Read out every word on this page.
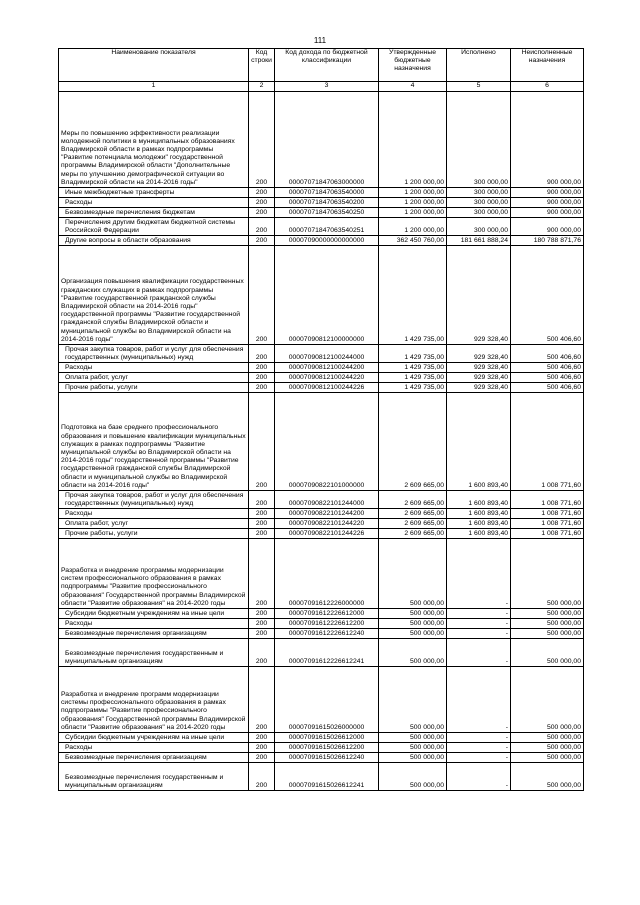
111
Наименование показателя	Код строки	Код дохода по бюджетной классификации	Утвержденные бюджетные назначения	Исполнено	Неисполненные назначения
1	2	3	4	5	6
Меры по повышению эффективности реализации молодежной политики в муниципальных образованиях Владимирской области в рамках подпрограммы "Развитие потенциала молодежи" государственной программы Владимирской области "Дополнительные меры по улучшению демографической ситуации во Владимирской области на 2014-2016 годы"	200	00007071847063000000	1 200 000,00	300 000,00	900 000,00
Иные межбюджетные трансферты	200	00007071847063540000	1 200 000,00	300 000,00	900 000,00
Расходы	200	00007071847063540200	1 200 000,00	300 000,00	900 000,00
Безвозмездные перечисления бюджетам	200	00007071847063540250	1 200 000,00	300 000,00	900 000,00
Перечисления другим бюджетам бюджетной системы Российской Федерации	200	00007071847063540251	1 200 000,00	300 000,00	900 000,00
Другие вопросы в области образования	200	00007090000000000000	362 450 760,00	181 661 888,24	180 788 871,76
Организация повышения квалификации государственных гражданских служащих в рамках подпрограммы "Развитие государственной гражданской службы Владимирской области на 2014-2016 годы" государственной программы "Развитие государственной гражданской службы Владимирской области и муниципальной службы во Владимирской области на 2014-2016 годы"	200	00007090812100000000	1 429 735,00	929 328,40	500 406,60
Прочая закупка товаров, работ и услуг для обеспечения государственных (муниципальных) нужд	200	00007090812100244000	1 429 735,00	929 328,40	500 406,60
Расходы	200	00007090812100244200	1 429 735,00	929 328,40	500 406,60
Оплата работ, услуг	200	00007090812100244220	1 429 735,00	929 328,40	500 406,60
Прочие работы, услуги	200	00007090812100244226	1 429 735,00	929 328,40	500 406,60
Подготовка на базе среднего профессионального образования и повышение квалификации муниципальных служащих в рамках подпрограммы "Развитие муниципальной службы во Владимирской области на 2014-2016 годы" государственной программы "Развитие государственной гражданской службы Владимирской области и муниципальной службы во Владимирской области на 2014-2016 годы"	200	00007090822101000000	2 609 665,00	1 600 893,40	1 008 771,60
Прочая закупка товаров, работ и услуг для обеспечения государственных (муниципальных) нужд	200	00007090822101244000	2 609 665,00	1 600 893,40	1 008 771,60
Расходы	200	00007090822101244200	2 609 665,00	1 600 893,40	1 008 771,60
Оплата работ, услуг	200	00007090822101244220	2 609 665,00	1 600 893,40	1 008 771,60
Прочие работы, услуги	200	00007090822101244226	2 609 665,00	1 600 893,40	1 008 771,60
Разработка и внедрение программы модернизации систем профессионального образования в рамках подпрограммы "Развитие профессионального образования" Государственной программы Владимирской области "Развитие образования" на 2014-2020 годы	200	00007091612226000000	500 000,00	-	500 000,00
Субсидии бюджетным учреждениям на иные цели	200	00007091612226612000	500 000,00	-	500 000,00
Расходы	200	00007091612226612200	500 000,00	-	500 000,00
Безвозмездные перечисления организациям	200	00007091612226612240	500 000,00	-	500 000,00
Безвозмездные перечисления государственным и муниципальным организациям	200	00007091612226612241	500 000,00	-	500 000,00
Разработка и внедрение программ модернизации системы профессионального образования в рамках подпрограммы "Развитие профессионального образования" Государственной программы Владимирской области "Развитие образования" на 2014-2020 годы	200	00007091615026000000	500 000,00	-	500 000,00
Субсидии бюджетным учреждениям на иные цели	200	00007091615026612000	500 000,00	-	500 000,00
Расходы	200	00007091615026612200	500 000,00	-	500 000,00
Безвозмездные перечисления организациям	200	00007091615026612240	500 000,00	-	500 000,00
Безвозмездные перечисления государственным и муниципальным организациям	200	00007091615026612241	500 000,00	-	500 000,00
